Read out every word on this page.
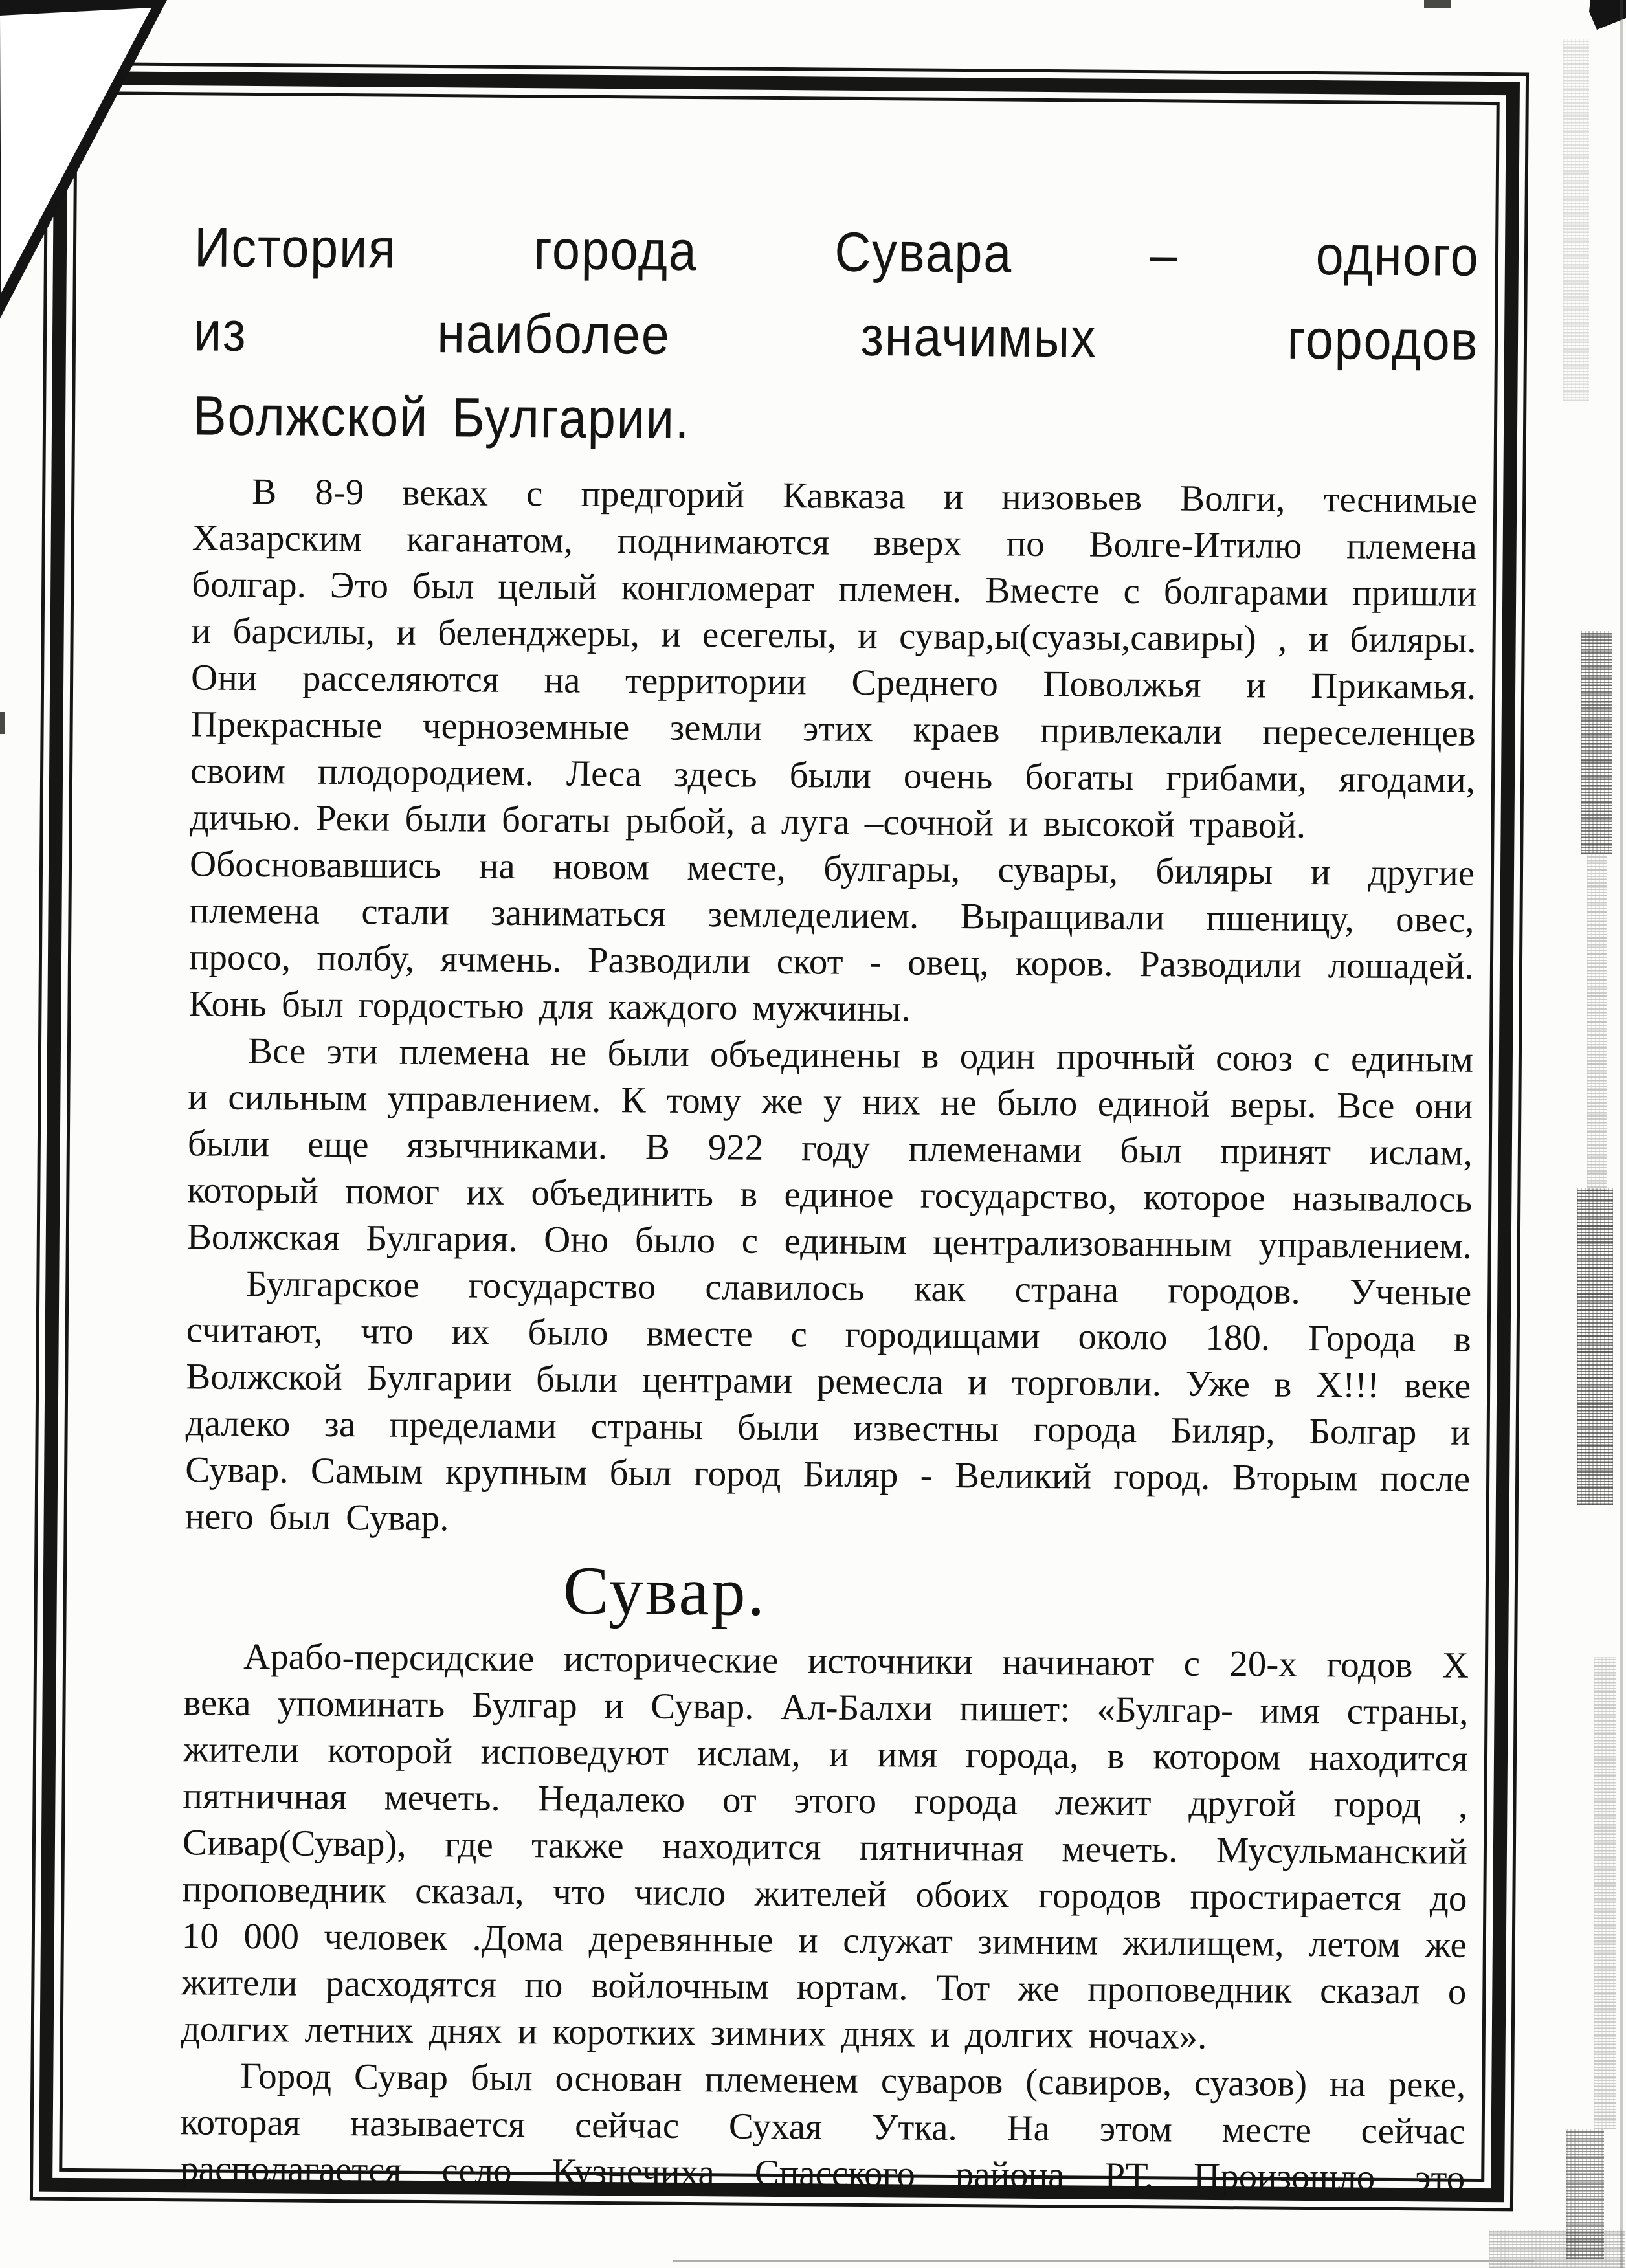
История города Сувара – одного
из наиболее значимых городов
Волжской Булгарии.
В 8-9 веках с предгорий Кавказа и низовьев Волги, теснимые
Хазарским каганатом, поднимаются вверх по Волге-Итилю племена
болгар. Это был целый конгломерат племен. Вместе с болгарами пришли
и барсилы, и беленджеры, и есегелы, и сувар,ы(суазы,савиры) , и биляры.
Они расселяются на территории Среднего Поволжья и Прикамья.
Прекрасные черноземные земли этих краев привлекали переселенцев
своим плодородием. Леса здесь были очень богаты грибами, ягодами,
дичью. Реки были богаты рыбой, а луга –сочной и высокой травой.
Обосновавшись на новом месте, булгары, сувары, биляры и другие
племена стали заниматься земледелием. Выращивали пшеницу, овес,
просо, полбу, ячмень. Разводили скот - овец, коров. Разводили лошадей.
Конь был гордостью для каждого мужчины.
Все эти племена не были объединены в один прочный союз с единым
и сильным управлением. К тому же у них не было единой веры. Все они
были еще язычниками. В 922 году племенами был принят ислам,
который помог их объединить в единое государство, которое называлось
Волжская Булгария. Оно было с единым централизованным управлением.
Булгарское государство славилось как страна городов. Ученые
считают, что их было вместе с городищами около 180. Города в
Волжской Булгарии были центрами ремесла и торговли. Уже в Х!!! веке
далеко за пределами страны были известны города Биляр, Болгар и
Сувар. Самым крупным был город Биляр - Великий город. Вторым после
него был Сувар.
Сувар.
Арабо-персидские исторические источники начинают с 20-х годов Х
века упоминать Булгар и Сувар. Ал-Балхи пишет: «Булгар- имя страны,
жители которой исповедуют ислам, и имя города, в котором находится
пятничная мечеть. Недалеко от этого города лежит другой город ,
Сивар(Сувар), где также находится пятничная мечеть. Мусульманский
проповедник сказал, что число жителей обоих городов простирается до
10 000 человек .Дома деревянные и служат зимним жилищем, летом же
жители расходятся по войлочным юртам. Тот же проповедник сказал о
долгих летних днях и коротких зимних днях и долгих ночах».
Город Сувар был основан племенем суваров (савиров, суазов) на реке,
которая называется сейчас Сухая Утка. На этом месте сейчас
располагается село Кузнечиха Спасского района РТ. Произошло это
